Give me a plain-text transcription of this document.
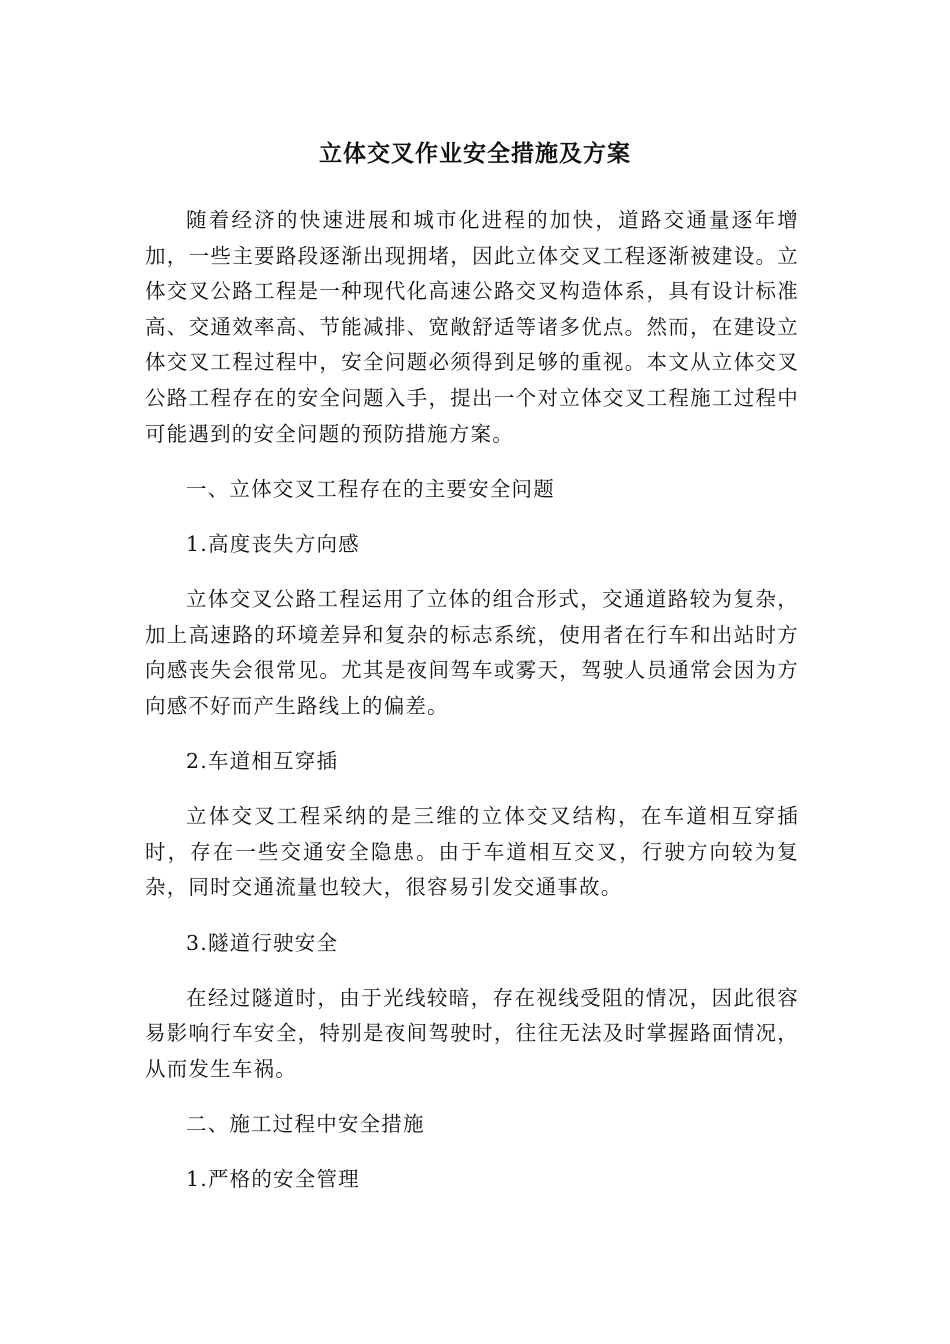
立体交叉作业安全措施及方案

随着经济的快速进展和城市化进程的加快，道路交通量逐年增加，一些主要路段逐渐出现拥堵，因此立体交叉工程逐渐被建设。立体交叉公路工程是一种现代化高速公路交叉构造体系，具有设计标准高、交通效率高、节能减排、宽敞舒适等诸多优点。然而，在建设立体交叉工程过程中，安全问题必须得到足够的重视。本文从立体交叉公路工程存在的安全问题入手，提出一个对立体交叉工程施工过程中可能遇到的安全问题的预防措施方案。

一、立体交叉工程存在的主要安全问题

1.高度丧失方向感

立体交叉公路工程运用了立体的组合形式，交通道路较为复杂，加上高速路的环境差异和复杂的标志系统，使用者在行车和出站时方向感丧失会很常见。尤其是夜间驾车或雾天，驾驶人员通常会因为方向感不好而产生路线上的偏差。

2.车道相互穿插

立体交叉工程采纳的是三维的立体交叉结构，在车道相互穿插时，存在一些交通安全隐患。由于车道相互交叉，行驶方向较为复杂，同时交通流量也较大，很容易引发交通事故。

3.隧道行驶安全

在经过隧道时，由于光线较暗，存在视线受阻的情况，因此很容易影响行车安全，特别是夜间驾驶时，往往无法及时掌握路面情况，从而发生车祸。

二、施工过程中安全措施

1.严格的安全管理
